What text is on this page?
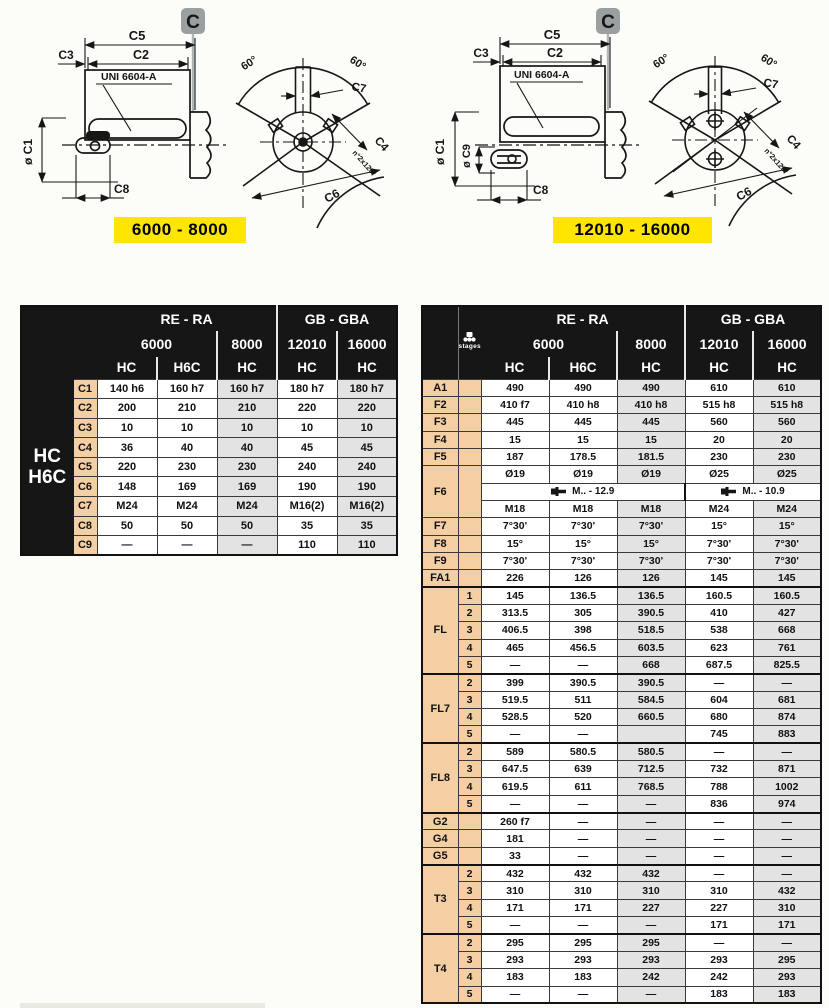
C
C5
C2
C3
UNI 6604-A
ø C1
C8
60°	60°
C7
C4
n°2x120°
C6
C
C5
C2
C3
UNI 6604-A
ø C1 ø C9
C8
60°	60°
C7
C4
n°2x120°
C6
6000 - 8000	12010 - 16000
		RE - RA			GB - GBA	
		6000		8000	12010	16000
		HC	H6C	HC	HC	HC

HC
H6C	C1	140 h6	160 h7	160 h7	180 h7	180 h7
	C2	200	210	210	220	220
	C3	10	10	10	10	10
	C4	36	40	40	45	45
	C5	220	230	230	240	240
	C6	148	169	169	190	190
	C7	M24	M24	M24	M16(2)	M16(2)
	C8	50	50	50	35	35
	C9	—	—	—	110	110

	stages	RE - RA			GB - GBA	
		6000		8000	12010	16000
		HC	H6C	HC	HC	HC
A1		490	490	490	610	610
F2		410 f7	410 h8	410 h8	515 h8	515 h8
F3		445	445	445	560	560
F4		15	15	15	20	20
F5		187	178.5	181.5	230	230
F6		Ø19	Ø19	Ø19	Ø25	Ø25
		M.. - 12.9			M.. - 10.9	
		M18	M18	M18	M24	M24
F7		7°30'	7°30'	7°30'	15°	15°
F8		15°	15°	15°	7°30'	7°30'
F9		7°30'	7°30'	7°30'	7°30'	7°30'
FA1		226	126	126	145	145
FL	1	145	136.5	136.5	160.5	160.5
	2	313.5	305	390.5	410	427
	3	406.5	398	518.5	538	668
	4	465	456.5	603.5	623	761
	5	—	—	668	687.5	825.5
FL7	2	399	390.5	390.5	—	—
	3	519.5	511	584.5	604	681
	4	528.5	520	660.5	680	874
	5	—	—		745	883
FL8	2	589	580.5	580.5	—	—
	3	647.5	639	712.5	732	871
	4	619.5	611	768.5	788	1002
	5	—	—	—	836	974
G2		260 f7	—	—	—	—
G4		181	—	—	—	—
G5		33	—	—	—	—
T3	2	432	432	432	—	—
	3	310	310	310	310	432
	4	171	171	227	227	310
	5	—	—	—	171	171
T4	2	295	295	295	—	—
	3	293	293	293	293	295
	4	183	183	242	242	293
	5	—	—	—	183	183
